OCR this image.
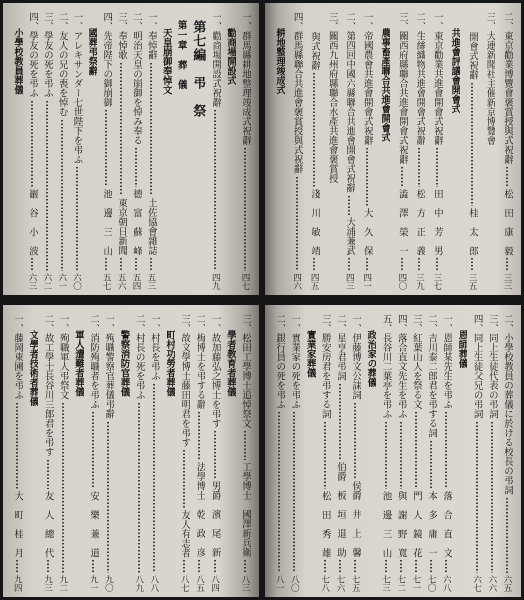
一、群馬縣耕地整理竣成式祝辭
四七
勸商場開設式
一、勸商場開設式祝辭
四九
第七編　弔　祭
第一章　葬　儀
天皇崩御奉悼文
一、奉悼辭
土佐協會雜誌
五三
二、明治天皇の崩御を悼み奉る
德　富　蘇　峰
五四
三、奉悼歌
東京朝日新聞
五六
四、先帝陛下の御崩御
池　邊　三　山
五七
國葬弔祭辭
一、アレキサンダー七世陛下を弔ふ
六〇
二、友人の兄の喪を悼む
六一
三、學友の死を弔ふ
六二
四、學友の死を弔ふ
巖　谷　小　波
六三
小學校教員葬儀	二、東京勸業博覽會褒賞授與式祝辭
松　田　康　毅
三三
三、大連新聞社主催新京博覽會
開會式祝辭
桂　太　郎
三五
共進會評議會開會式
一、東京勸業共進會開會式祝辭
田　中　芳　男
三七
二、生絲織物共進會開會式祝辭
松　方　正　義
三九
三、關西府縣聯合共進會開會式祝辭
澁　澤　榮　一
四〇
農事畜產聯合共進會開會式
一、帝國農會共進會開會式祝辭
大　久　保
四一
二、第四回中國六縣聯合共進會開會式祝辭
大浦兼武
四三
三、關西九州府縣聯合水產共進會褒賞授
與式祝辭
淺　川　敏　靖
四五
四、群馬縣聯合共進會褒賞授與式祝辭
四六
耕地整理竣成式
三、松田工學博士追悼祭文
工學博士　國澤新兵衛
八三
學者教育者葬儀
一、故加藤弘之博士を弔す
男爵　濱　尾　新
八四
二、梅博士を弔する辭
法學博士　乾　政　彦
八五
三、故文學博士藤田明君を弔す
友人有志者
八七
町村功勞者葬儀
一、村長を弔ふ
八八
二、村長の死を弔ふ
八九
警察消防官葬儀
一、殉職警察官葬儀弔辭
九〇
二、消防殉職者を弔ふ
安　樂　兼　道
九一
軍人遭難者葬儀
一、殉職軍人弔祭文
九二
二、故工學士長谷川三郎君を弔す
友　人　總　代
九三
文學者技術者葬儀
一、藤岡東圃を弔ふ
大　町　桂　月
九四
二、小學校教員の葬儀に於ける校長の弔詞
六五
三、同上生徒代表の弔詞
六六
四、同上生徒父兄の弔詞
六七
恩師葬儀
一、恩師某先生を弔ふ
落　合　直　文
六八
二、吉川泰二郎君を弔する詞
本　多　庸　一
七〇
三、紅葉山人を祭る文
門　人　鏡　花
七一
四、落合直文先生を弔ふ
與　謝　野　寬
七二
五、長谷川二葉亭を弔ふ
池　邊　三　山
七三
政治家の葬儀
一、伊藤博文公誄詞
侯爵　井　上　馨
七五
二、星亨君弔詞
伯爵　板　垣　退　助
七六
三、勝安房君を弔する詞
松　田　秀　雄
七八
實業家葬儀
一、實業家の死を弔ふ
八〇
二、銀行員の死を弔ふ
八一
